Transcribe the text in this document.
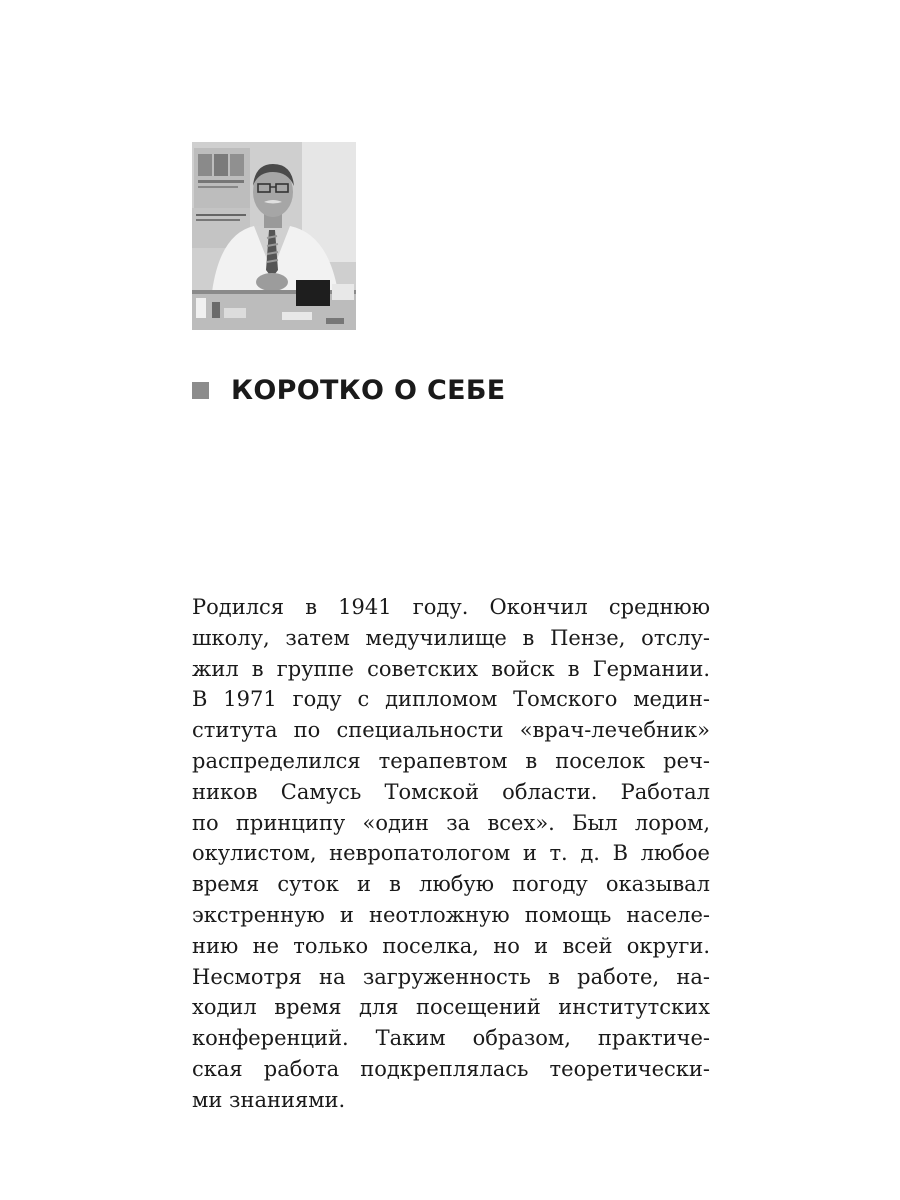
КОРОТКО О СЕБЕ
Родился в 1941 году. Окончил среднюю
школу, затем медучилище в Пензе, отслу-
жил в группе советских войск в Германии.
В 1971 году с дипломом Томского медин-
ститута по специальности «врач-лечебник»
распределился терапевтом в поселок реч-
ников Самусь Томской области. Работал
по принципу «один за всех». Был лором,
окулистом, невропатологом и т. д. В любое
время суток и в любую погоду оказывал
экстренную и неотложную помощь населе-
нию не только поселка, но и всей округи.
Несмотря на загруженность в работе, на-
ходил время для посещений институтских
конференций. Таким образом, практиче-
ская работа подкреплялась теоретически-
ми знаниями.
